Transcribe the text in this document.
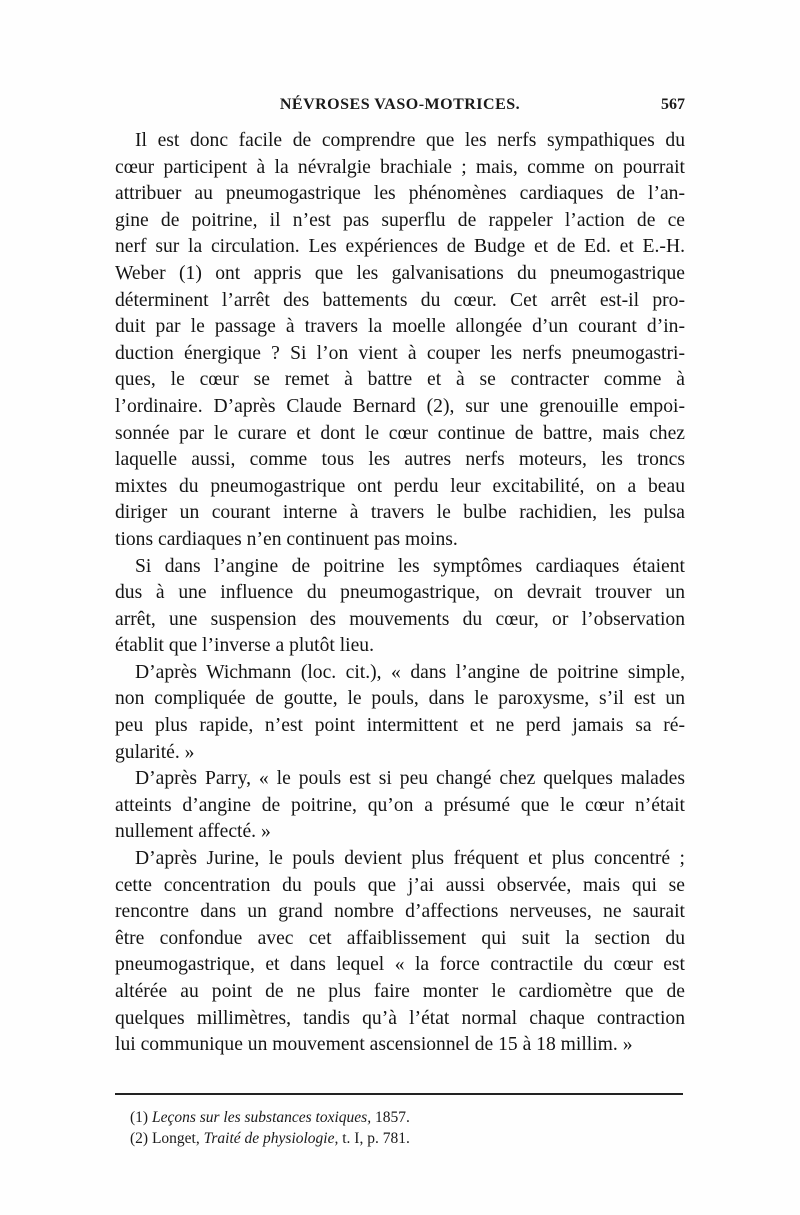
NÉVROSES VASO-MOTRICES.	567

Il est donc facile de comprendre que les nerfs sympathiques du
cœur participent à la névralgie brachiale ; mais, comme on pourrait
attribuer au pneumogastrique les phénomènes cardiaques de l’an-
gine de poitrine, il n’est pas superflu de rappeler l’action de ce
nerf sur la circulation. Les expériences de Budge et de Ed. et E.-H.
Weber (1) ont appris que les galvanisations du pneumogastrique
déterminent l’arrêt des battements du cœur. Cet arrêt est-il pro-
duit par le passage à travers la moelle allongée d’un courant d’in-
duction énergique ? Si l’on vient à couper les nerfs pneumogastri-
ques, le cœur se remet à battre et à se contracter comme à
l’ordinaire. D’après Claude Bernard (2), sur une grenouille empoi-
sonnée par le curare et dont le cœur continue de battre, mais chez
laquelle aussi, comme tous les autres nerfs moteurs, les troncs
mixtes du pneumogastrique ont perdu leur excitabilité, on a beau
diriger un courant interne à travers le bulbe rachidien, les pulsa
tions cardiaques n’en continuent pas moins.

Si dans l’angine de poitrine les symptômes cardiaques étaient
dus à une influence du pneumogastrique, on devrait trouver un
arrêt, une suspension des mouvements du cœur, or l’observation
établit que l’inverse a plutôt lieu.

D’après Wichmann (loc. cit.), « dans l’angine de poitrine simple,
non compliquée de goutte, le pouls, dans le paroxysme, s’il est un
peu plus rapide, n’est point intermittent et ne perd jamais sa ré-
gularité. »

D’après Parry, « le pouls est si peu changé chez quelques malades
atteints d’angine de poitrine, qu’on a présumé que le cœur n’était
nullement affecté. »

D’après Jurine, le pouls devient plus fréquent et plus concentré ;
cette concentration du pouls que j’ai aussi observée, mais qui se
rencontre dans un grand nombre d’affections nerveuses, ne saurait
être confondue avec cet affaiblissement qui suit la section du
pneumogastrique, et dans lequel « la force contractile du cœur est
altérée au point de ne plus faire monter le cardiomètre que de
quelques millimètres, tandis qu’à l’état normal chaque contraction
lui communique un mouvement ascensionnel de 15 à 18 millim. »

(1) Leçons sur les substances toxiques, 1857.
(2) Longet, Traité de physiologie, t. I, p. 781.
